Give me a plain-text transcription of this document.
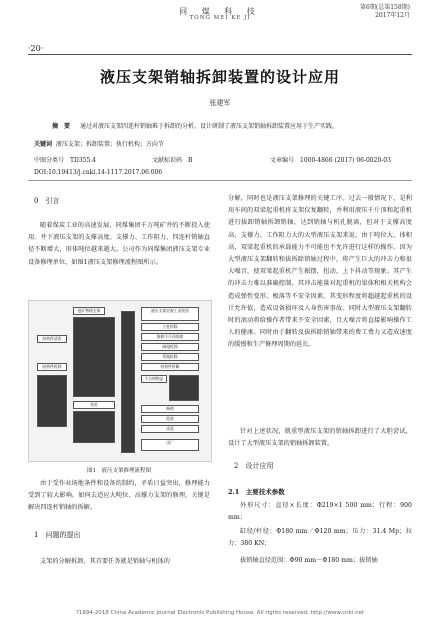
同 煤 科 技
TONG MEI KE JI
第6期(总第158期)
2017年12月
·20·
液压支架销轴拆卸装置的设计应用
张建军
摘　要 通过对液压支架四连杆销轴难于拆卸的分析，设计研制了液压支架销轴拆卸装置应用于生产实践。
关键词 液压支架；拆卸装置；执行机构；方向节
中图分类号　TD355.4	文献标识码　B	文章编号　1000-4866 (2017) 06-0020-03
DOI:10.19413/j.cnki.14-1117.2017.06.006
0　引言
随着煤炭工业的高速发展，同煤集团千万吨矿井的不断投入使用。井下液压支架的支撑高度、支撑力、工作阻力、四连杆销轴直径不断增大，形体吨位越来越大。公司作为同煤集团液压支架专业设备修理单位，如图1液压支架修理流程图所示。
进矿物理全保	液压支架宏观工况检验
立柱拆除
推移千斤顶拆除
阀组拆卸
结构件清洗
管路拆除
结构件拆解
不合格物品
结构件拆卸
检验
修理
组装
试验
出厂
图1　液压支架修理流程图
由于受作业场地条件和设备的制约，矛盾日益突出，修理能力受到了较大影响。如何去适应大吨位、高撑力支架的修理，关键是解决四连杆销轴的拆解。
1　问题的提出
支架的分解拆卸，其首要任务就是销轴与机体的
分解，同时也是液压支架修理的关键工序。过去一般情况下，是利用车间的双梁起重机将支架仅复翻转，并利用液压千斤顶和起重机进行拔卸销轴拆卸销轴，达到销轴与机孔脱离，但对于支撑高度高、支撑力、工作阻力大的大型液压支架来说，由于吨位大、体积高，双梁起重机的承载能力不可能也不允许进行这样的操作。因为大型液压支架翻转和拔拆除销轴过程中，将产生巨大的冲击力和很大噪音，使双梁起重机产生振摆，扭动，上下抖动等现象。其产生的冲击力难以准确控制。其冲击能量对起重机的梁体和相关机构会造成弹性变形，极落等不安全因素。其变形程度将超越起重机的设计允许值，造成设备损坏及人身伤害事故。同时大型液压支架翻转时的滚动将给操作者带来不安全因素，且大噪音将直接影响操作工人的健康。同时由于翻转及拔拆除销轴带来的费工费力又造成速度的缓慢和生产修理周期的延长。
针对上述状况，就重型液压支架的销轴拆卸进行了大胆尝试，设计了大型液压支架的销轴拆卸装置。
2　设计应用
2.1　主要技术参数
外形尺寸：直径×长度：Φ219×1 500 mm；行程：900 mm；
缸径/杆径：Φ180 mm／Φ120 mm；压力：31.4 Mp；拉力：380 KN；
拔销轴直径范围：Φ90 mm－Φ180 mm；拔销轴
?1994-2018 China Academic Journal Electronic Publishing House. All rights reserved. http://www.cnki.net
